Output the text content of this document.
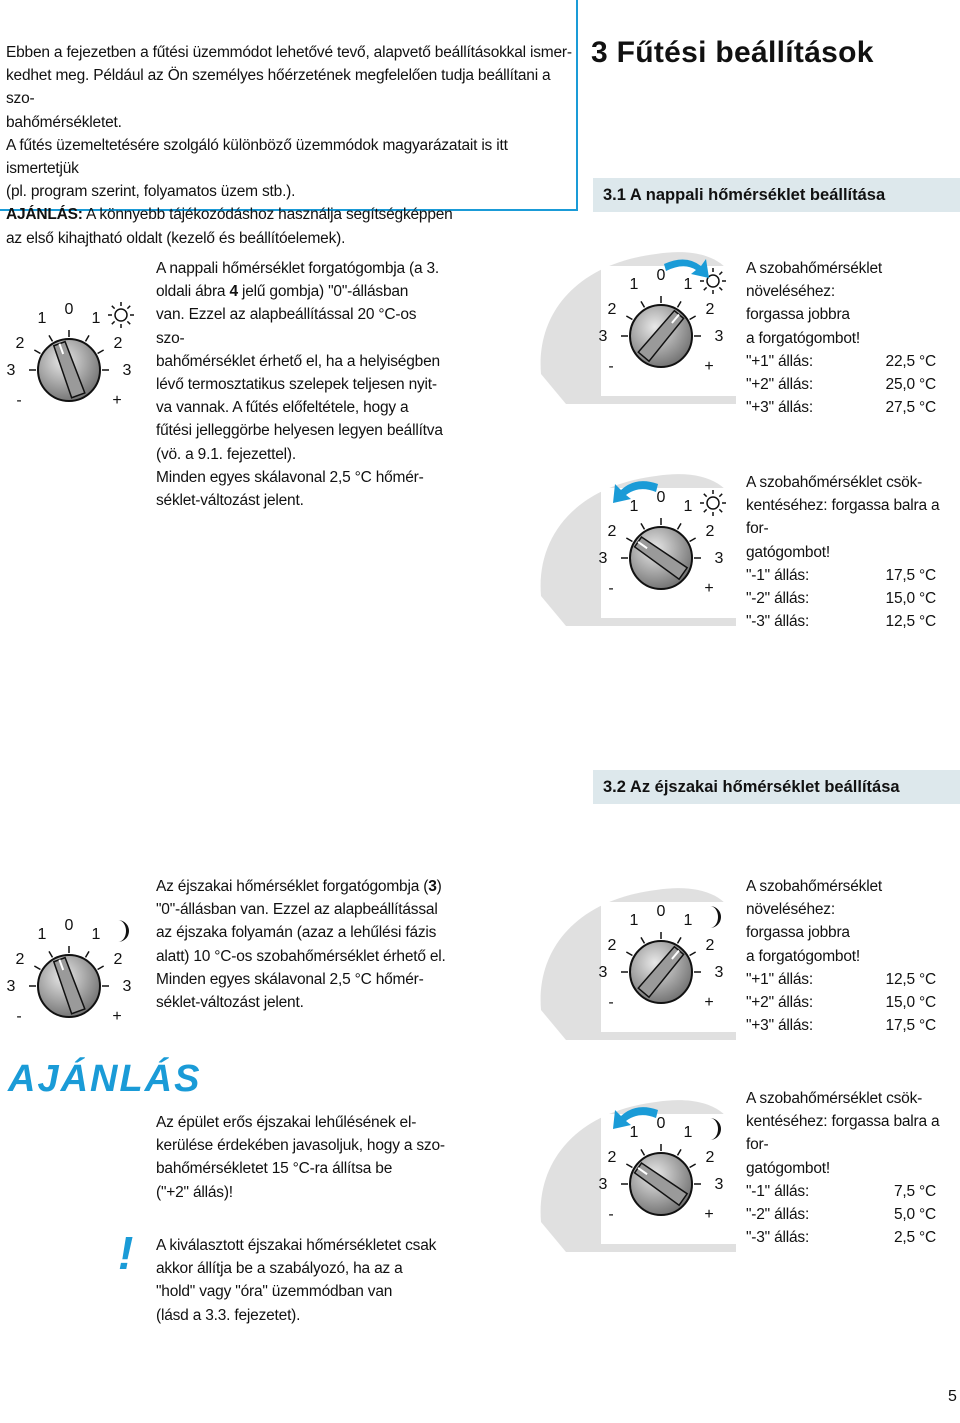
Ebben a fejezetben a fűtési üzemmódot lehetővé tevő, alapvető beállításokkal ismer-
kedhet meg. Például az Ön személyes hőérzetének megfelelően tudja beállítani a szo-
bahőmérsékletet.
A fűtés üzemeltetésére szolgáló különböző üzemmódok magyarázatait is itt ismertetjük
(pl. program szerint, folyamatos üzem stb.).
AJÁNLÁS: A könnyebb tájékozódáshoz használja segítségképpen
az első kihajtható oldalt (kezelő és beállítóelemek).
3 Fűtési beállítások
3.1 A nappali hőmérséklet beállítása
0
1	1
2	2
3	3
-	+
A nappali hőmérséklet forgatógombja (a 3.
oldali ábra 4 jelű gombja) "0"-állásban
van. Ezzel az alapbeállítással 20 °C-os szo-
bahőmérséklet érhető el, ha a helyiségben
lévő termosztatikus szelepek teljesen nyit-
va vannak. A fűtés előfeltétele, hogy a
fűtési jelleggörbe helyesen legyen beállítva
(vö. a 9.1. fejezettel).
Minden egyes skálavonal 2,5 °C hőmér-
séklet-változást jelent.
0
1	1
2	2
3	3
-	+
A szobahőmérséklet növeléséhez:
forgassa jobbra
a forgatógombot!
"+1" állás:	22,5 °C
"+2" állás:	25,0 °C
"+3" állás:	27,5 °C
0
1	1
2	2
3	3
-	+
A szobahőmérséklet csök-
kentéséhez: forgassa balra a for-
gatógombot!
"-1" állás:	17,5 °C
"-2" állás:	15,0 °C
"-3" állás:	12,5 °C
3.2 Az éjszakai hőmérséklet beállítása
0
1	1
2	2
3	3
-	+
Az éjszakai hőmérséklet forgatógombja (3)
"0"-állásban van. Ezzel az alapbeállítással
az éjszaka folyamán (azaz a lehűlési fázis
alatt) 10 °C-os szobahőmérséklet érhető el.
Minden egyes skálavonal 2,5 °C hőmér-
séklet-változást jelent.
0
1	1
2	2
3	3
-	+
A szobahőmérséklet növeléséhez:
forgassa jobbra
a forgatógombot!
"+1" állás:	12,5 °C
"+2" állás:	15,0 °C
"+3" állás:	17,5 °C
AJÁNLÁS
Az épület erős éjszakai lehűlésének el-
kerülése érdekében javasoljuk, hogy a szo-
bahőmérsékletet 15 °C-ra állítsa be
("+2" állás)!
! A kiválasztott éjszakai hőmérsékletet csak
akkor állítja be a szabályozó, ha az a
"hold" vagy "óra" üzemmódban van
(lásd a 3.3. fejezetet).
0
1	1
2	2
3	3
-	+
A szobahőmérséklet csök-
kentéséhez: forgassa balra a for-
gatógombot!
"-1" állás:	7,5 °C
"-2" állás:	5,0 °C
"-3" állás:	2,5 °C
5
